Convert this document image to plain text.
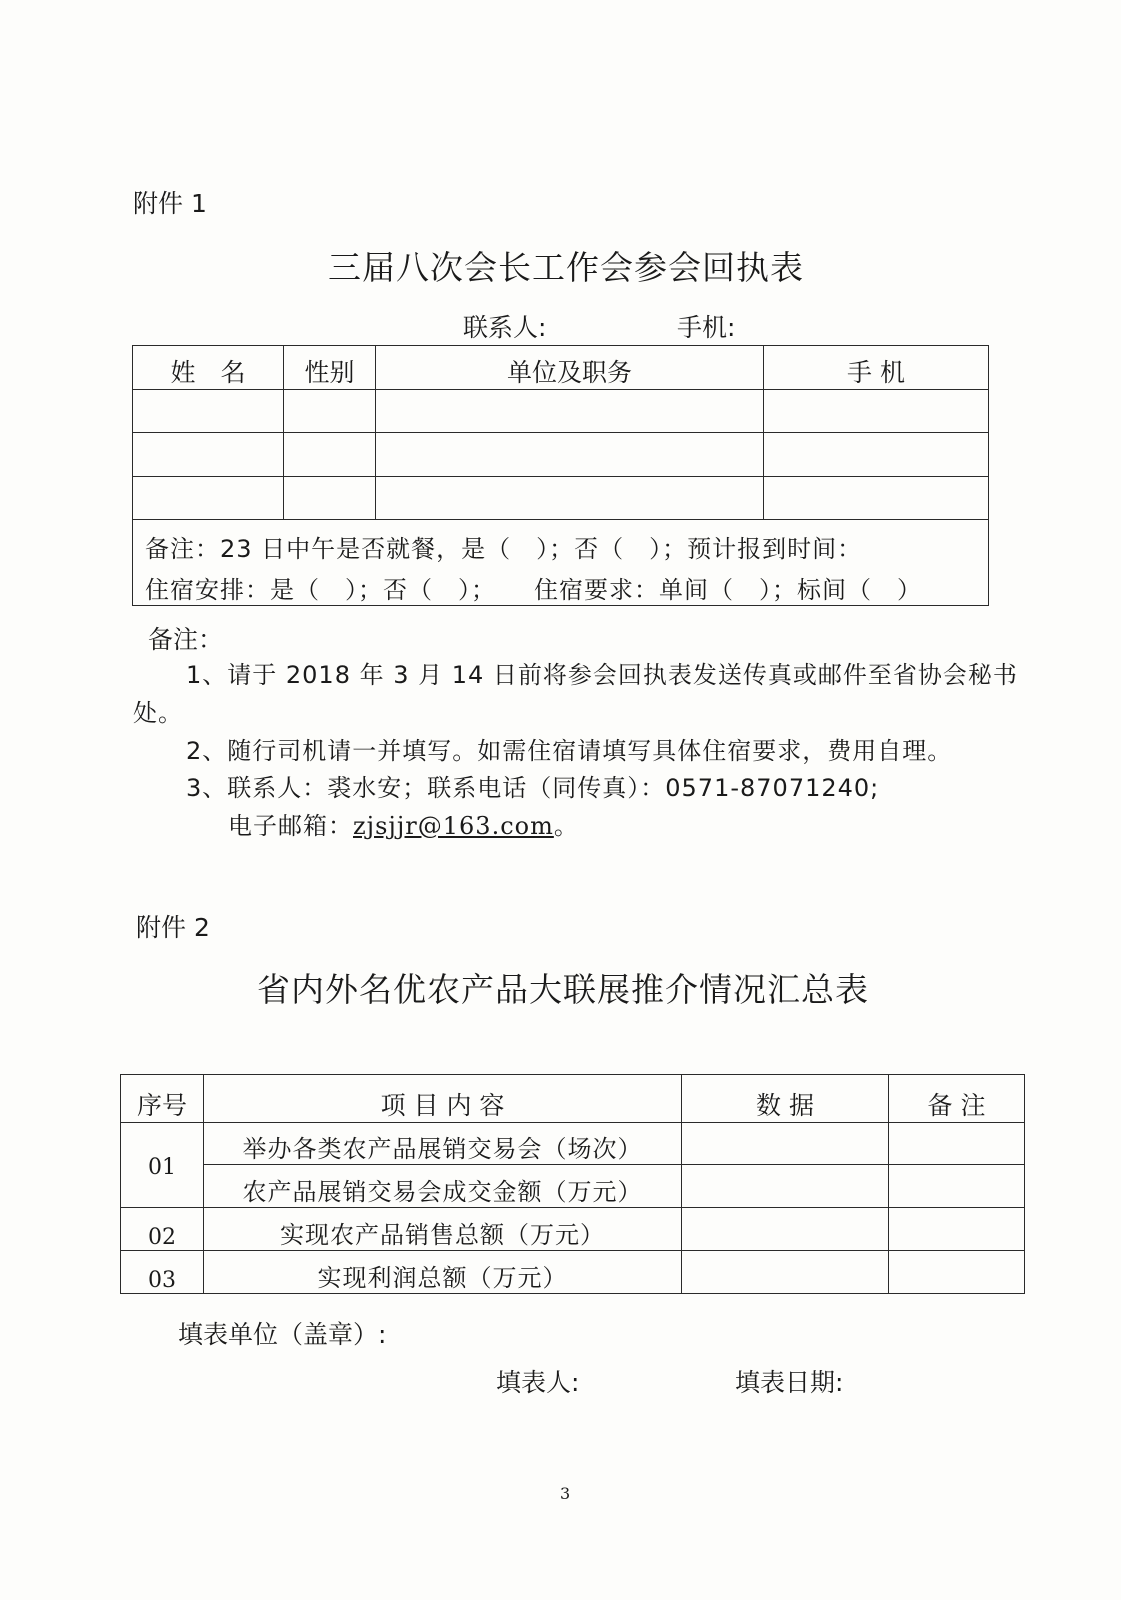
附件 1
三届八次会长工作会参会回执表
联系人:	手机:
姓　名	性别	单位及职务	手 机

备注：23 日中午是否就餐，是（　）；否（　）；预计报到时间：			
住宿安排：是（　）；否（　）；　　住宿要求：单间（　）；标间（　）			
备注：
1、请于 2018 年 3 月 14 日前将参会回执表发送传真或邮件至省协会秘书
处。
2、随行司机请一并填写。如需住宿请填写具体住宿要求，费用自理。
3、联系人：裘水安；联系电话（同传真）：0571-87071240;
电子邮箱：zjsjjr@163.com。
附件 2
省内外名优农产品大联展推介情况汇总表
序号	项 目 内 容	数 据	备 注
01	举办各类农产品展销交易会（场次）		
	农产品展销交易会成交金额（万元）		
02	实现农产品销售总额（万元）		
03	实现利润总额（万元）		
填表单位（盖章）:
填表人:	填表日期:
3
